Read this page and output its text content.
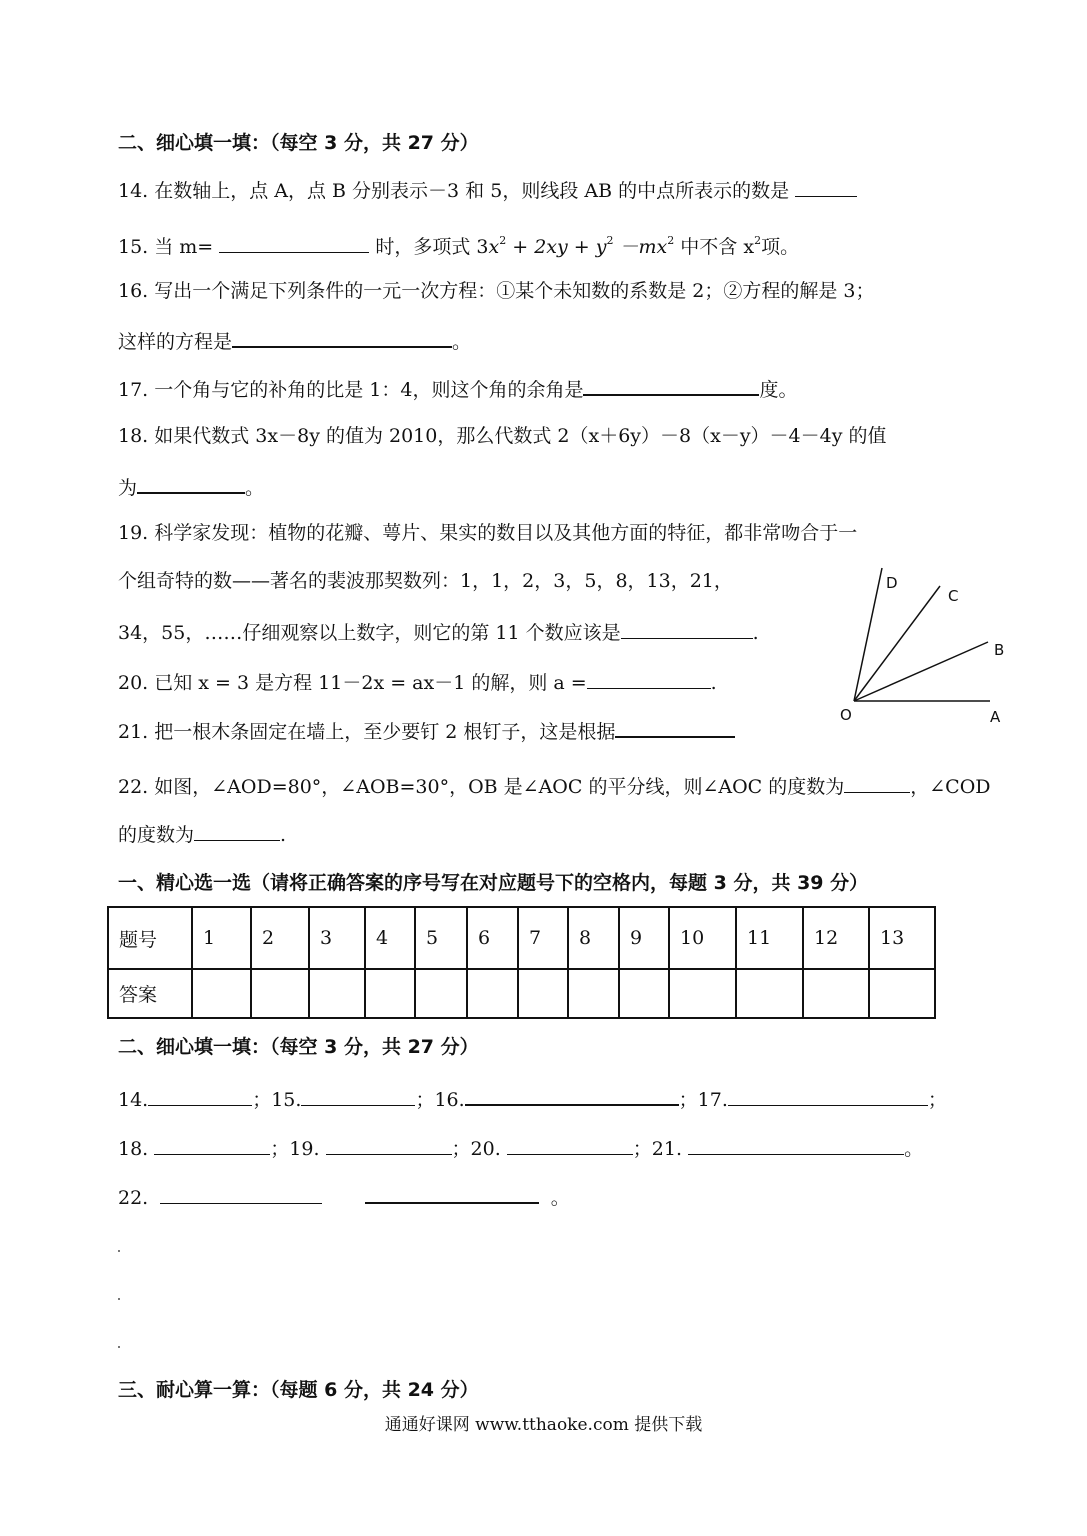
二、细心填一填：（每空 3 分，共 27 分）
14. 在数轴上，点 A，点 B 分别表示－3 和 5，则线段 AB 的中点所表示的数是
15. 当 m=	时，多项式 $3x^2 + 2xy + y^2 -mx^2$ 中不含 $x^2$项。
16. 写出一个满足下列条件的一元一次方程：①某个未知数的系数是 2；②方程的解是 3；
这样的方程是	。
17. 一个角与它的补角的比是 1：4，则这个角的余角是	度。
18. 如果代数式 3x－8y 的值为 2010，那么代数式 2（x＋6y）－8（x－y）－4－4y 的值
为	。
19. 科学家发现：植物的花瓣、萼片、果实的数目以及其他方面的特征，都非常吻合于一
个组奇特的数——著名的裴波那契数列：1，1，2，3，5，8，13，21，
34，55，……仔细观察以上数字，则它的第 11 个数应该是	.
20. 已知 x = 3 是方程 11－2x = ax－1 的解，则 a =	.
21. 把一根木条固定在墙上，至少要钉 2 根钉子，这是根据
22. 如图，∠AOD=80°，∠AOB=30°，OB 是∠AOC 的平分线，则∠AOC 的度数为	，∠COD
的度数为	.
D
C
B
A
O
一、精心选一选（请将正确答案的序号写在对应题号下的空格内，每题 3 分，共 39 分）
题号	1	2	3	4	5	6	7	8	9	10	11	12	13
答案													
二、细心填一填：（每空 3 分，共 27 分）
14.	；15.	；16.	；17.	；
18.	；19.	；20.	；21.	。
22.	。
三、耐心算一算：（每题 6 分，共 24 分）
通通好课网 www.tthaoke.com 提供下载
